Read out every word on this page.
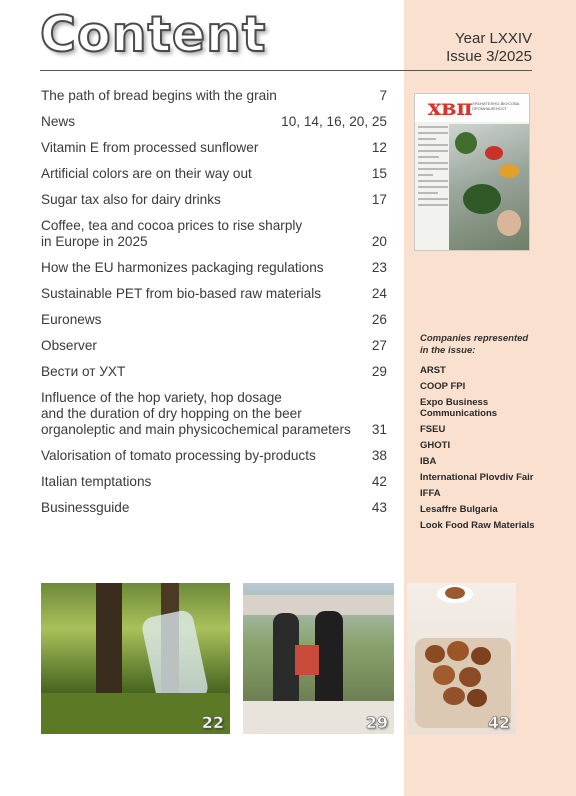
Content	Year LXXIV
Issue 3/2025
The path of bread begins with the grain	7
News	10, 14, 16, 20, 25
Vitamin E from processed sunflower	12
Artificial colors are on their way out	15
Sugar tax also for dairy drinks	17
Coffee, tea and cocoa prices to rise sharply
in Europe in 2025	20
How the EU harmonizes packaging regulations	23
Sustainable PET from bio-based raw materials	24
Euronews	26
Observer	27
Вести от УХТ	29
Influence of the hop variety, hop dosage
and the duration of dry hopping on the beer
organoleptic and main physicochemical parameters	31
Valorisation of tomato processing by-products	38
Italian temptations	42
Businessguide	43
хвп ХРАНИТЕЛНО-ВКУСОВА ПРОМИШЛЕНОСТ
Companies represented in the issue:
ARST
COOP FPI
Expo Business Communications
FSEU
GHOTI
IBA
International Plovdiv Fair
IFFA
Lesaffre Bulgaria
Look Food Raw Materials
22	29	42
